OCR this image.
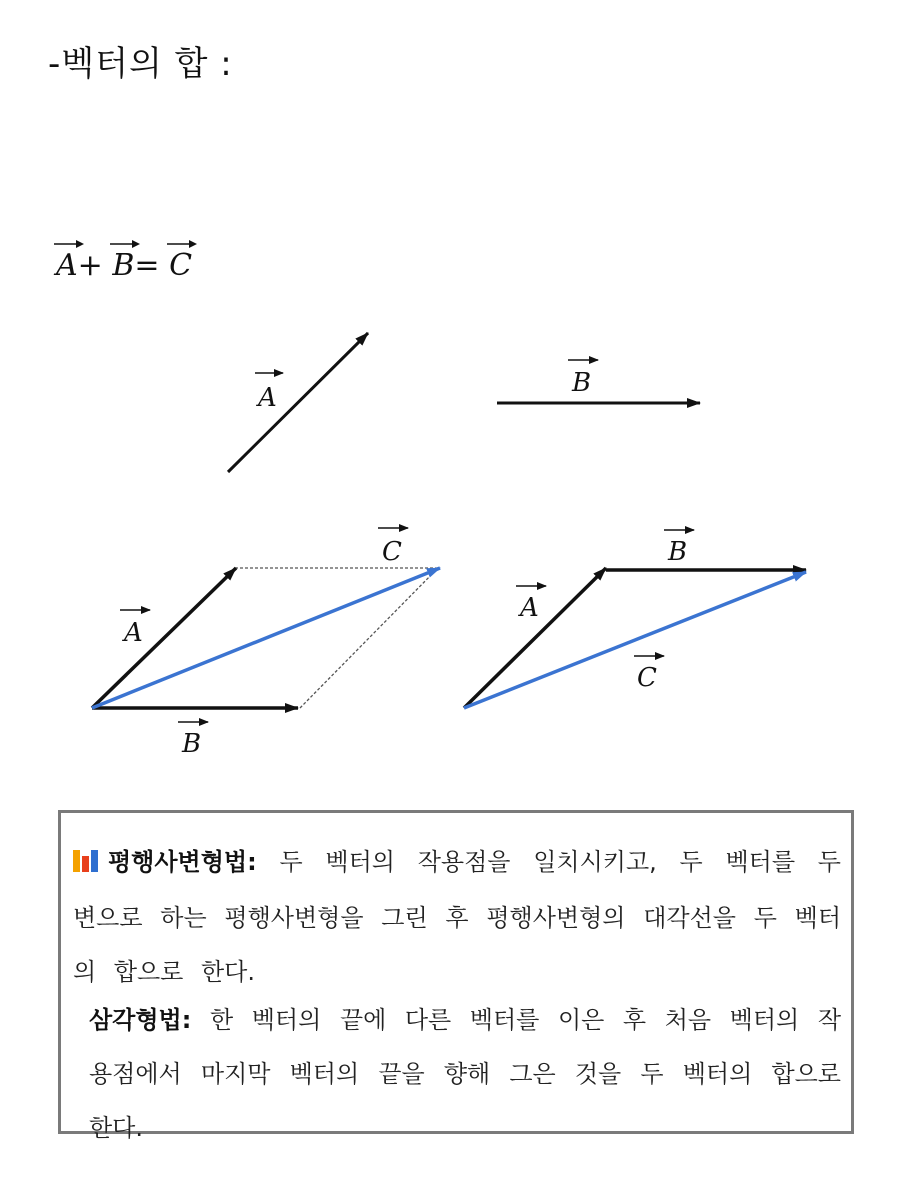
-벡터의 합 :
A+ B= C
A	B
C
A
B
B
A
C
평행사변형법: 두 벡터의 작용점을 일치시키고, 두 벡터를 두 변으로 하는 평행사변형을 그린 후 평행사변형의 대각선을 두 벡터의 합으로 한다.
삼각형법: 한 벡터의 끝에 다른 벡터를 이은 후 처음 벡터의 작용점에서 마지막 벡터의 끝을 향해 그은 것을 두 벡터의 합으로 한다.
